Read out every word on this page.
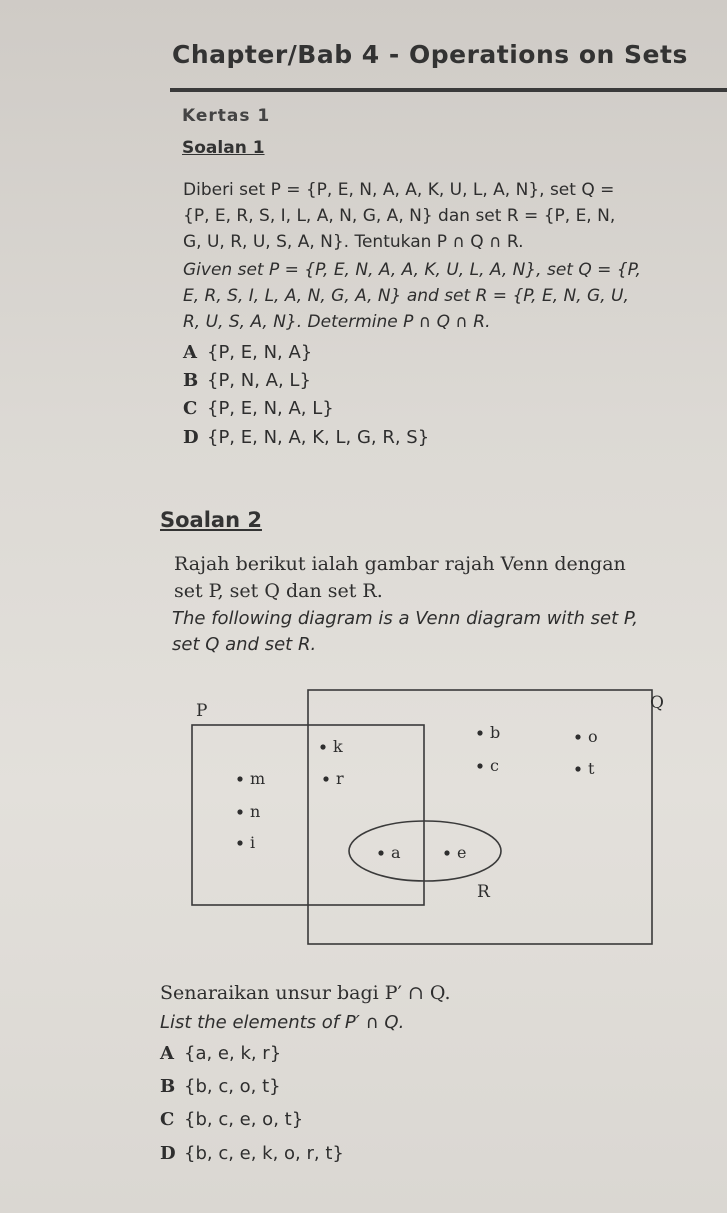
Chapter/Bab 4 - Operations on Sets
Kertas 1
Soalan 1
Diberi set P = {P, E, N, A, A, K, U, L, A, N}, set Q =
{P, E, R, S, I, L, A, N, G, A, N} dan set R = {P, E, N,
G, U, R, U, S, A, N}. Tentukan P ∩ Q ∩ R.
Given set P = {P, E, N, A, A, K, U, L, A, N}, set Q = {P,
E, R, S, I, L, A, N, G, A, N} and set R = {P, E, N, G, U,
R, U, S, A, N}. Determine P ∩ Q ∩ R.
A {P, E, N, A}
B {P, N, A, L}
C {P, E, N, A, L}
D {P, E, N, A, K, L, G, R, S}
Soalan 2
Rajah berikut ialah gambar rajah Venn dengan
set P, set Q dan set R.
The following diagram is a Venn diagram with set P,
set Q and set R.
P	Q
R
k
m	r
n
i
b	o
c	t
a	e
Senaraikan unsur bagi P′ ∩ Q.
List the elements of P′ ∩ Q.
A {a, e, k, r}
B {b, c, o, t}
C {b, c, e, o, t}
D {b, c, e, k, o, r, t}
